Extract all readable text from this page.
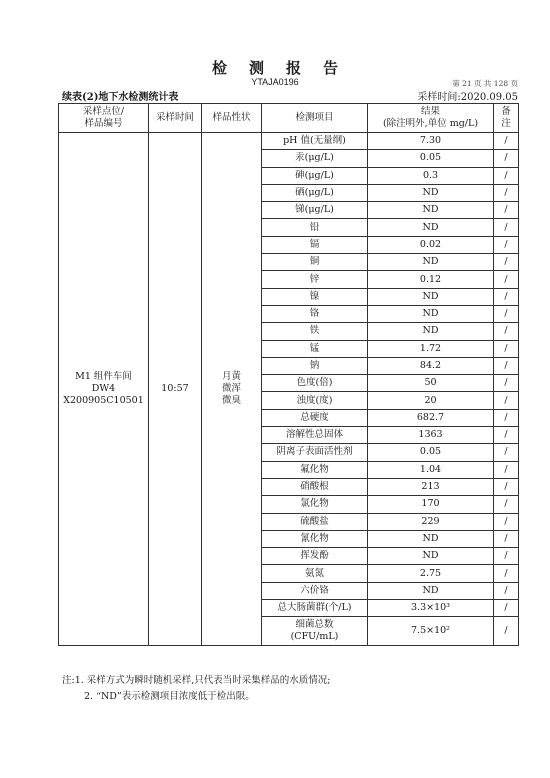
检测报告
YTAJA0196	第 21 页 共 128 页
续表(2)地下水检测统计表	采样时间:2020.09.05
采样点位/
样品编号	采样时间	样品性状	检测项目	结果
(除注明外,单位 mg/L)	备
注
M1 组件车间
DW4
X200905C10501	10:57	月黄
微浑
微臭	pH 值(无量纲)	7.30	/
			汞(μg/L)	0.05	/
			砷(μg/L)	0.3	/
			硒(μg/L)	ND	/
			锑(μg/L)	ND	/
			铅	ND	/
			镉	0.02	/
			铜	ND	/
			锌	0.12	/
			镍	ND	/
			铬	ND	/
			铁	ND	/
			锰	1.72	/
			钠	84.2	/
			色度(倍)	50	/
			浊度(度)	20	/
			总硬度	682.7	/
			溶解性总固体	1363	/
			阴离子表面活性剂	0.05	/
			氟化物	1.04	/
			硝酸根	213	/
			氯化物	170	/
			硫酸盐	229	/
			氰化物	ND	/
			挥发酚	ND	/
			氨氮	2.75	/
			六价铬	ND	/
			总大肠菌群(个/L)	3.3×10³	/
			细菌总数
(CFU/mL)	7.5×10²	/
注:1. 采样方式为瞬时随机采样,只代表当时采集样品的水质情况;
2. “ND”表示检测项目浓度低于检出限。
